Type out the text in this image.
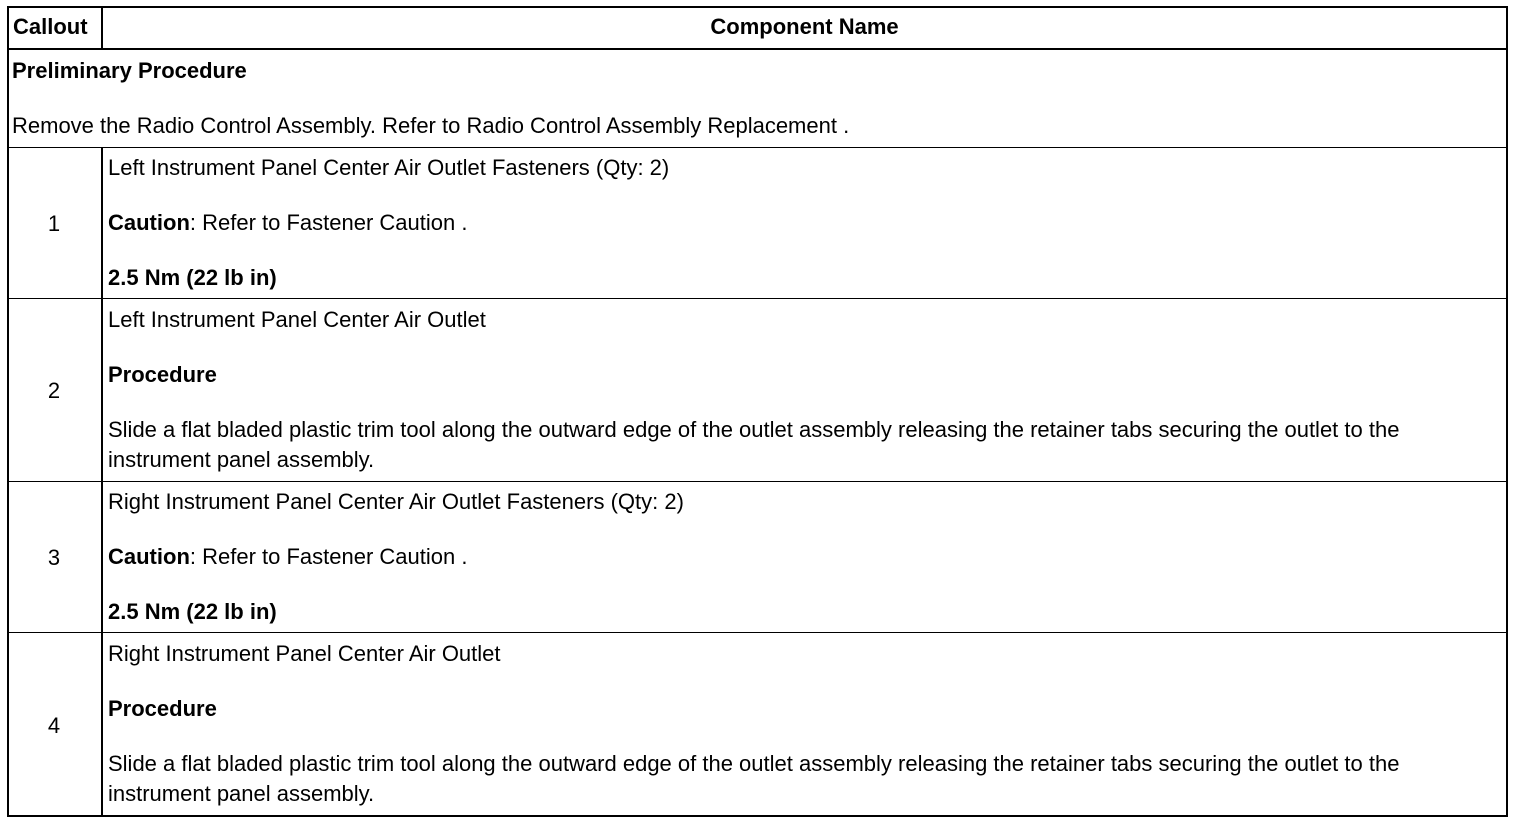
Callout	Component Name
Preliminary Procedure
Remove the Radio Control Assembly. Refer to Radio Control Assembly Replacement .
1
Left Instrument Panel Center Air Outlet Fasteners (Qty: 2)
Caution: Refer to Fastener Caution .
2.5 Nm (22 lb in)
2
Left Instrument Panel Center Air Outlet
Procedure
Slide a flat bladed plastic trim tool along the outward edge of the outlet assembly releasing the retainer tabs securing the outlet to the instrument panel assembly.
3
Right Instrument Panel Center Air Outlet Fasteners (Qty: 2)
Caution: Refer to Fastener Caution .
2.5 Nm (22 lb in)
4
Right Instrument Panel Center Air Outlet
Procedure
Slide a flat bladed plastic trim tool along the outward edge of the outlet assembly releasing the retainer tabs securing the outlet to the instrument panel assembly.
